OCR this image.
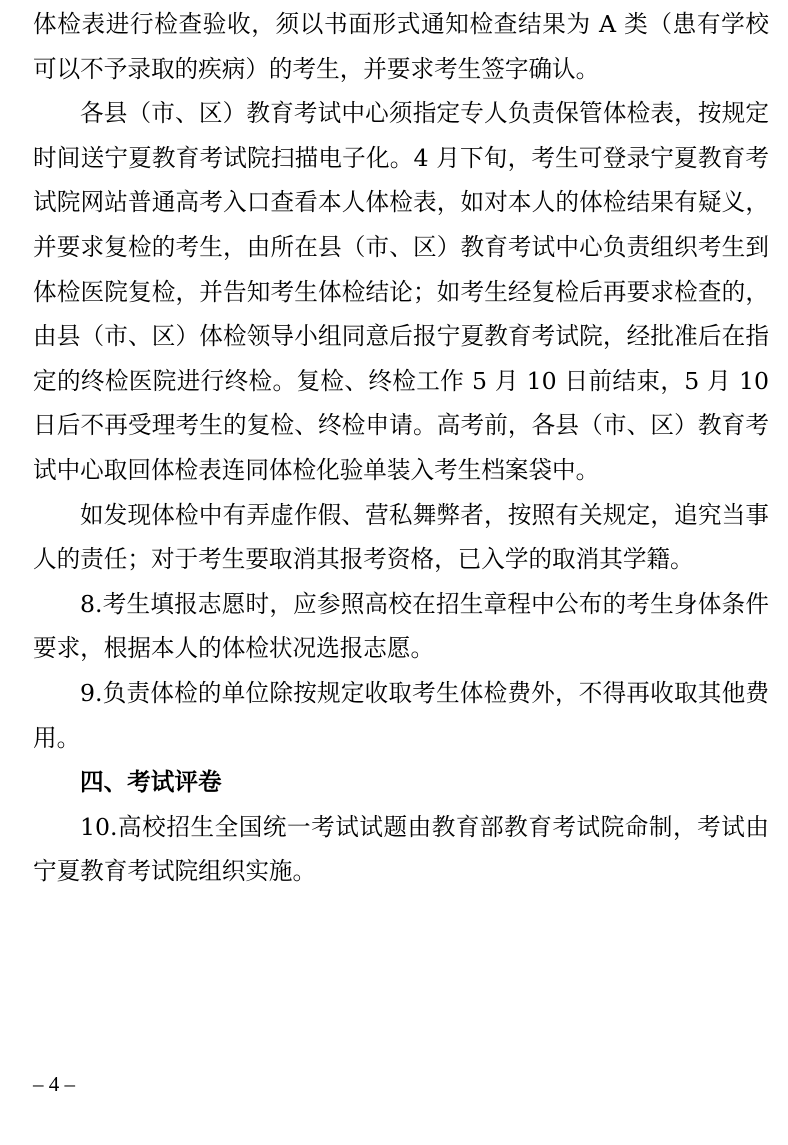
体检表进行检查验收，须以书面形式通知检查结果为 A 类（患有学校可以不予录取的疾病）的考生，并要求考生签字确认。

各县（市、区）教育考试中心须指定专人负责保管体检表，按规定时间送宁夏教育考试院扫描电子化。4 月下旬，考生可登录宁夏教育考试院网站普通高考入口查看本人体检表，如对本人的体检结果有疑义，并要求复检的考生，由所在县（市、区）教育考试中心负责组织考生到体检医院复检，并告知考生体检结论；如考生经复检后再要求检查的，由县（市、区）体检领导小组同意后报宁夏教育考试院，经批准后在指定的终检医院进行终检。复检、终检工作 5 月 10 日前结束，5 月 10 日后不再受理考生的复检、终检申请。高考前，各县（市、区）教育考试中心取回体检表连同体检化验单装入考生档案袋中。

如发现体检中有弄虚作假、营私舞弊者，按照有关规定，追究当事人的责任；对于考生要取消其报考资格，已入学的取消其学籍。

8.考生填报志愿时，应参照高校在招生章程中公布的考生身体条件要求，根据本人的体检状况选报志愿。

9.负责体检的单位除按规定收取考生体检费外，不得再收取其他费用。

四、考试评卷

10.高校招生全国统一考试试题由教育部教育考试院命制，考试由宁夏教育考试院组织实施。

– 4 –
